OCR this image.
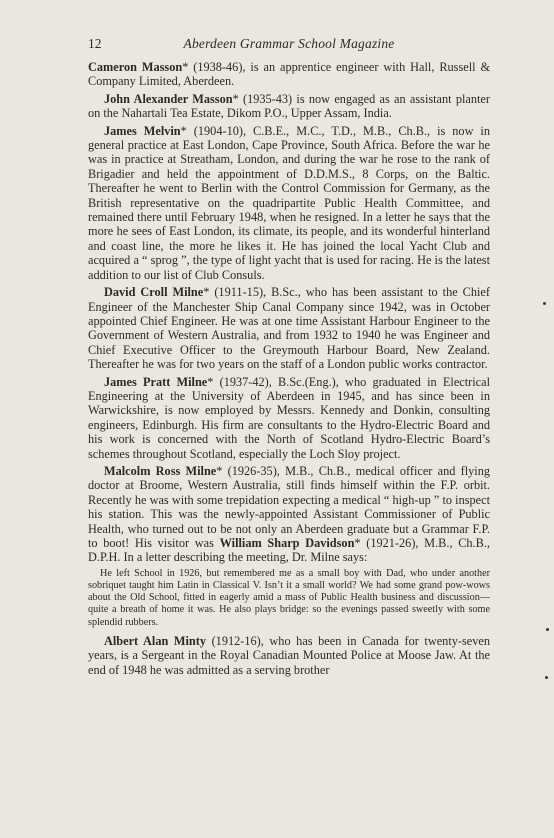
12	Aberdeen Grammar School Magazine

Cameron Masson* (1938-46), is an apprentice engineer with Hall, Russell & Company Limited, Aberdeen.

John Alexander Masson* (1935-43) is now engaged as an assistant planter on the Nahartali Tea Estate, Dikom P.O., Upper Assam, India.

James Melvin* (1904-10), C.B.E., M.C., T.D., M.B., Ch.B., is now in general practice at East London, Cape Province, South Africa. Before the war he was in practice at Streatham, London, and during the war he rose to the rank of Brigadier and held the appointment of D.D.M.S., 8 Corps, on the Baltic. Thereafter he went to Berlin with the Control Commission for Germany, as the British representative on the quadripartite Public Health Committee, and remained there until February 1948, when he resigned. In a letter he says that the more he sees of East London, its climate, its people, and its wonderful hinterland and coast line, the more he likes it. He has joined the local Yacht Club and acquired a “ sprog ”, the type of light yacht that is used for racing. He is the latest addition to our list of Club Consuls.

David Croll Milne* (1911-15), B.Sc., who has been assistant to the Chief Engineer of the Manchester Ship Canal Company since 1942, was in October appointed Chief Engineer. He was at one time Assistant Harbour Engineer to the Government of Western Australia, and from 1932 to 1940 he was Engineer and Chief Executive Officer to the Greymouth Harbour Board, New Zealand. Thereafter he was for two years on the staff of a London public works contractor.

James Pratt Milne* (1937-42), B.Sc.(Eng.), who graduated in Electrical Engineering at the University of Aberdeen in 1945, and has since been in Warwickshire, is now employed by Messrs. Kennedy and Donkin, consulting engineers, Edinburgh. His firm are consultants to the Hydro-Electric Board and his work is concerned with the North of Scotland Hydro-Electric Board’s schemes throughout Scotland, especially the Loch Sloy project.

Malcolm Ross Milne* (1926-35), M.B., Ch.B., medical officer and flying doctor at Broome, Western Australia, still finds himself within the F.P. orbit. Recently he was with some trepidation expecting a medical “ high-up ” to inspect his station. This was the newly-appointed Assistant Commissioner of Public Health, who turned out to be not only an Aberdeen graduate but a Grammar F.P. to boot! His visitor was William Sharp Davidson* (1921-26), M.B., Ch.B., D.P.H. In a letter describing the meeting, Dr. Milne says:

He left School in 1926, but remembered me as a small boy with Dad, who under another sobriquet taught him Latin in Classical V. Isn’t it a small world? We had some grand pow-wows about the Old School, fitted in eagerly amid a mass of Public Health business and discussion—quite a breath of home it was. He also plays bridge: so the evenings passed sweetly with some splendid rubbers.

Albert Alan Minty (1912-16), who has been in Canada for twenty-seven years, is a Sergeant in the Royal Canadian Mounted Police at Moose Jaw. At the end of 1948 he was admitted as a serving brother
